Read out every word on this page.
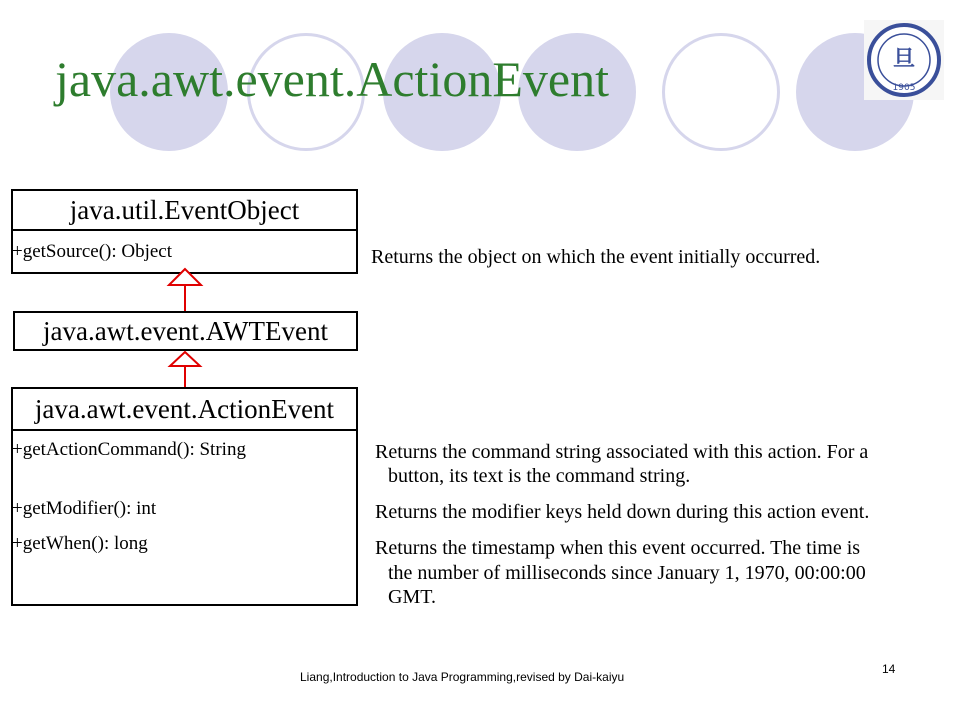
java.awt.event.ActionEvent	旦
1905
java.util.EventObject
+getSource(): Object
java.awt.event.AWTEvent
java.awt.event.ActionEvent
+getActionCommand(): String
+getModifier(): int
+getWhen(): long
Returns the object on which the event initially occurred.
Returns the command string associated with this action. For a
button, its text is the command string.
Returns the modifier keys held down during this action event.
Returns the timestamp when this event occurred. The time is
the number of milliseconds since January 1, 1970, 00:00:00
GMT.
Liang,Introduction to Java Programming,revised by Dai-kaiyu
14
